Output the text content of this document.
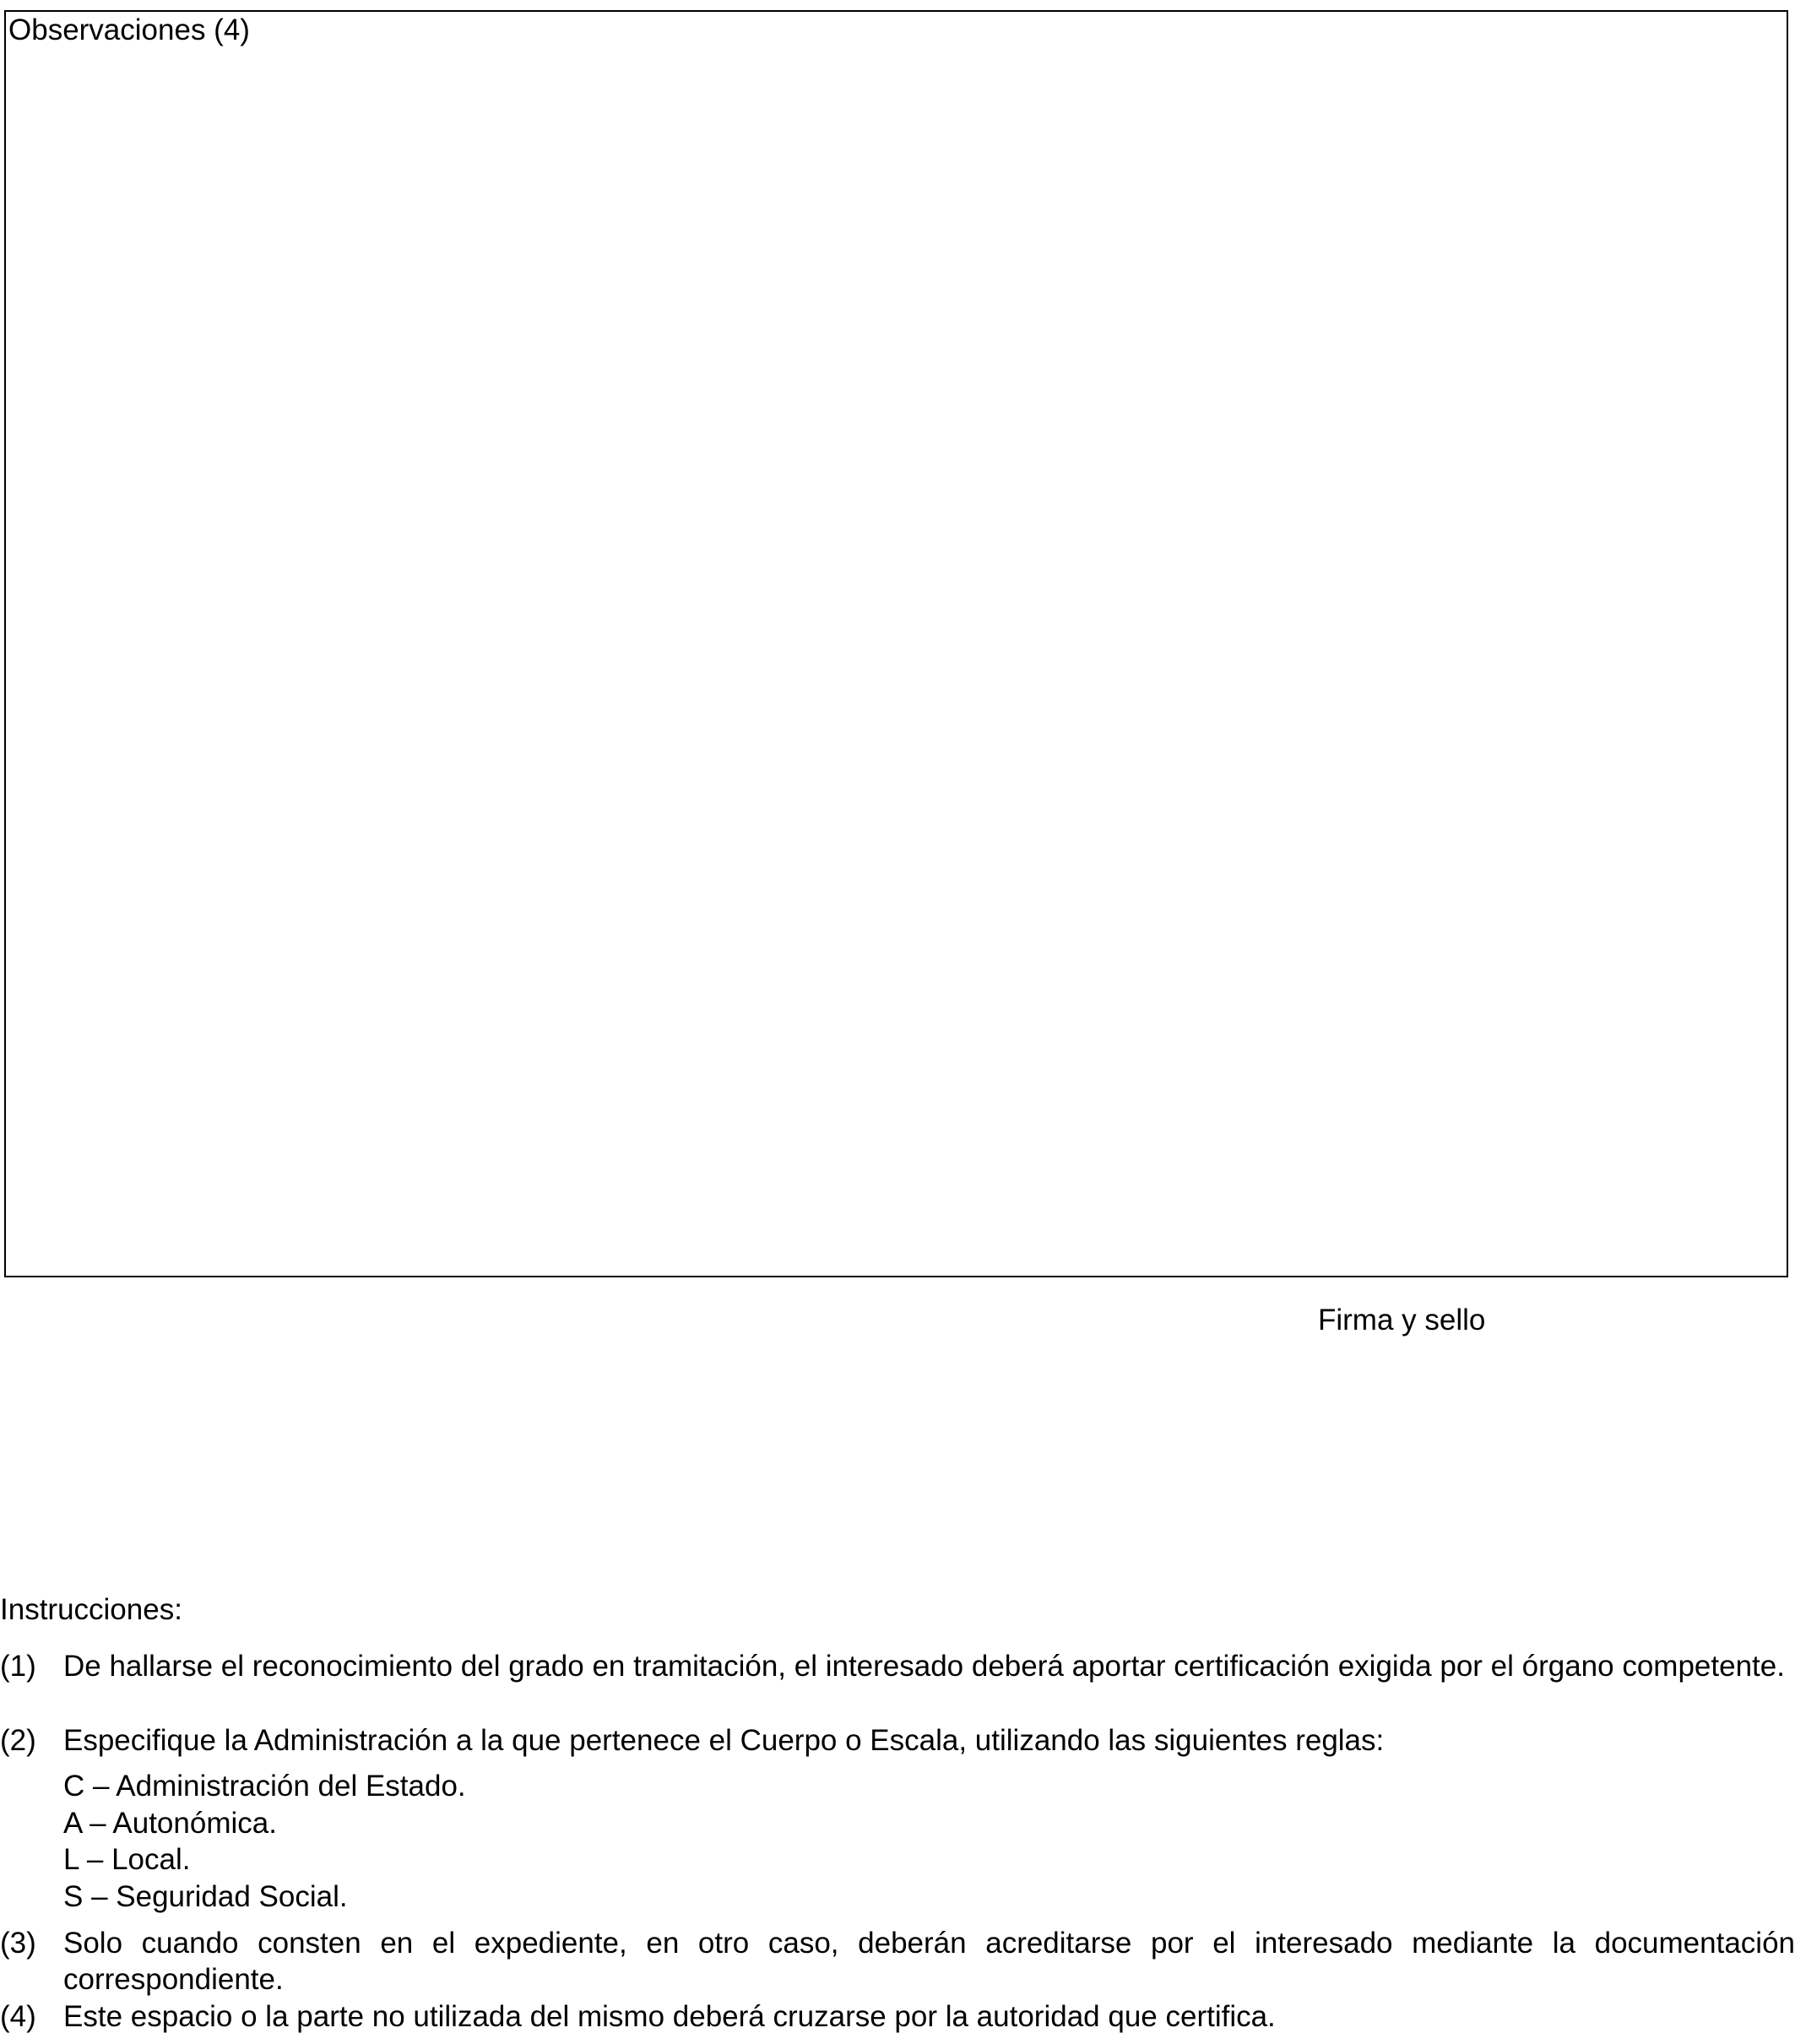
Observaciones (4)
Firma y sello
Instrucciones:
(1) De hallarse el reconocimiento del grado en tramitación, el interesado deberá aportar certificación exigida por el órgano competente.
(2) Especifique la Administración a la que pertenece el Cuerpo o Escala, utilizando las siguientes reglas:
C – Administración del Estado.
A – Autonómica.
L – Local.
S – Seguridad Social.
(3) Solo cuando consten en el expediente, en otro caso, deberán acreditarse por el interesado mediante la documentación correspondiente.
(4) Este espacio o la parte no utilizada del mismo deberá cruzarse por la autoridad que certifica.
